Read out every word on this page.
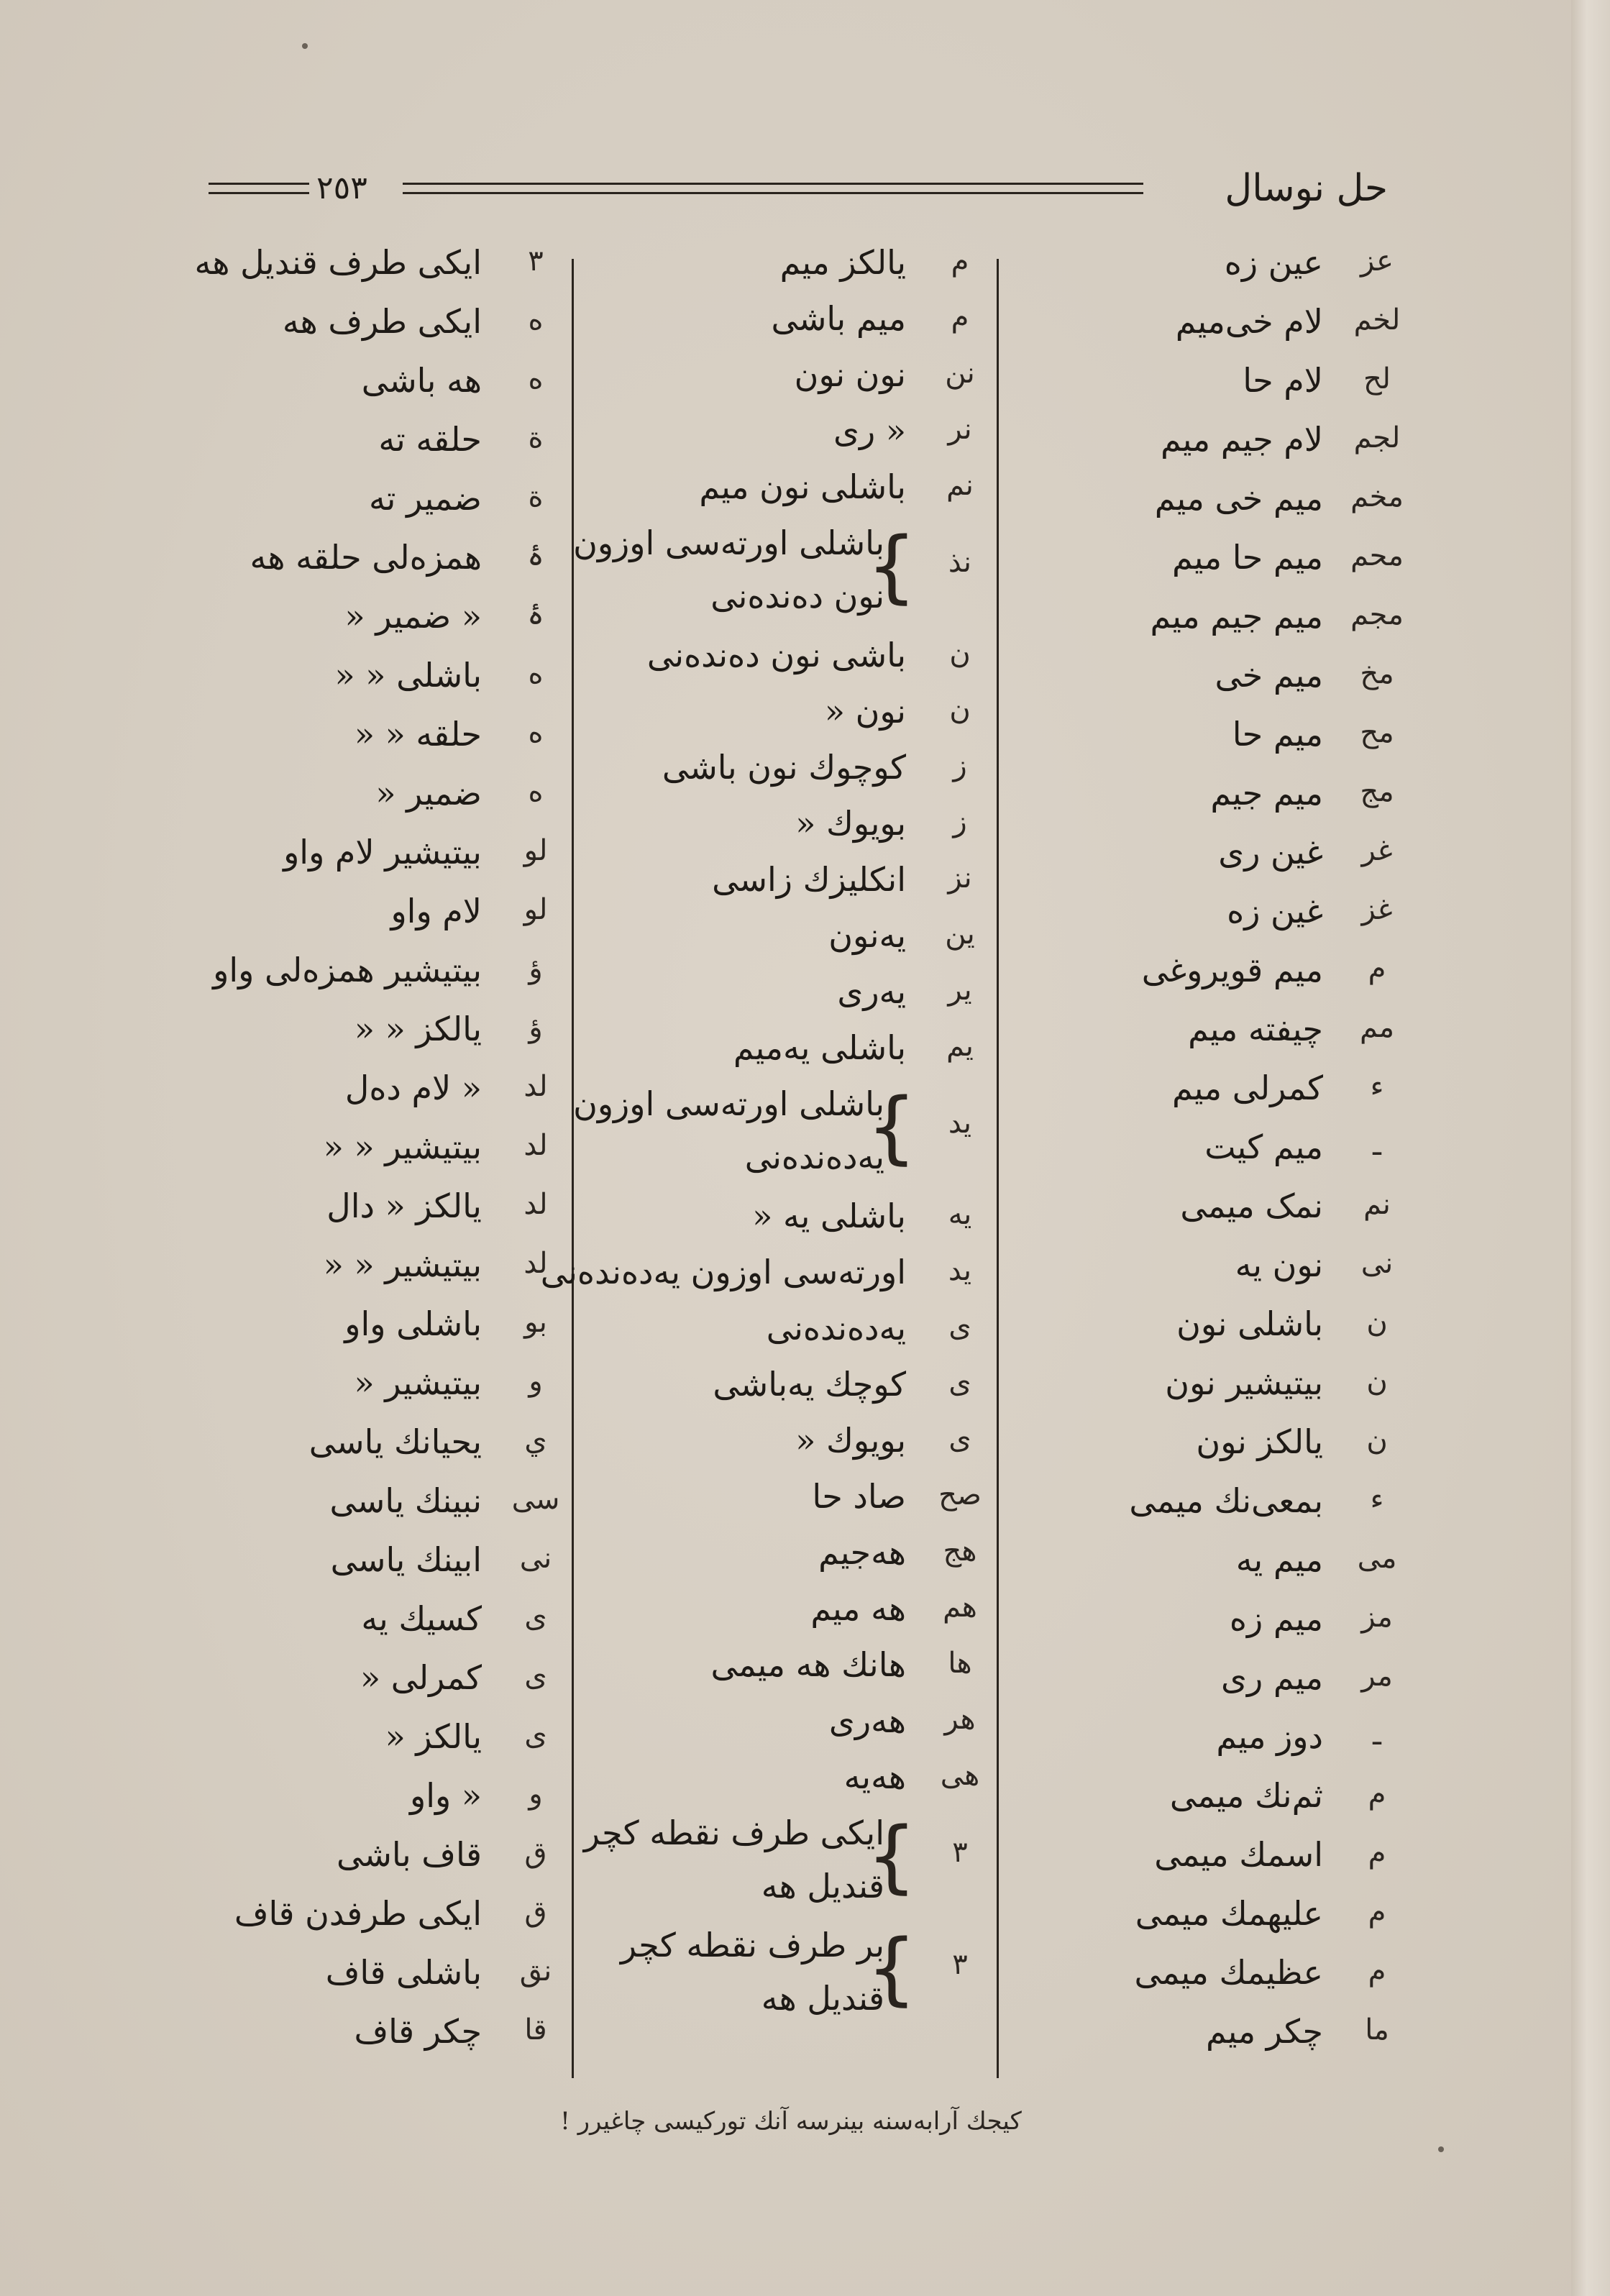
حل نوسال
۲٥۳
عز
عين زه
لخم
لام خی‌میم
لح
لام حا
لجم
لام جیم میم
مخم
میم خی میم
محم
میم حا میم
مجم
میم جیم میم
مخ
میم خی
مح
میم حا
مج
میم جیم
غر
غین ری
غز
غین زه
م
میم قویروغی
مم
چیفته میم
ء
کمرلی میم
ـ
میم کیت
نم
نمک میمی
نی
نون یه
ن
باشلی نون
ن
بیتیشیر نون
ن
یالکز نون
ء
بمعی‌نك میمی
می
میم یه
مز
میم زه
مر
میم ری
ـ
دوز میم
م
ثم‌نك میمی
م
اسمك میمی
م
علیهمك میمی
م
عظیمك میمی
ما
چکر میم
م
یالکز میم
م
میم باشی
نن
نون نون
نر
« ری
نم
باشلی نون میم
نذ
باشلی اورته‌سی اوزون
نون دەندەنی
{
ن
باشی نون دەندەنی
ن
نون «
ز
کوچوك نون باشی
ز
بویوك «
نز
انکلیزك زاسی
ین
یه‌نون
یر
یه‌ری
یم
باشلی یه‌میم
ید
باشلی اورته‌سی اوزون
یه‌دەندەنی
{
یه
باشلی یه «
ید
اورته‌سی اوزون یه‌دەندەنی
ی
یه‌دەندەنی
ی
کوچك یه‌باشی
ی
بویوك «
صح
صاد حا
هج
هه‌جیم
هم
هه میم
ها
هانك هه میمی
هر
هه‌ری
هی
هه‌یه
۳
ایکی طرف نقطه کچر
قندیل هه
{
۳
بر طرف نقطه کچر
قندیل هه
{
۳
ایکی طرف قندیل هه
ه
ایکی طرف هه
ه
هه باشی
ة
حلقه ته
ة
ضمیر ته
ۀ
همزه‌لی حلقه هه
ۀ
« ضمیر «
ه
باشلی « «
ه
حلقه « «
ه
ضمیر «
لو
بیتیشیر لام واو
لو
لام واو
ؤ
بیتیشیر همزه‌لی واو
ؤ
یالکز « «
لد
« لام دەل
لد
بیتیشیر « «
لد
یالکز « دال
لد
بیتیشیر « «
بو
باشلی واو
و
بیتیشیر «
ي
یحیانك یاسی
سی
نبینك یاسی
نی
ابینك یاسی
ی
کسیك یه
ی
کمرلی «
ی
یالکز «
و
« واو
ق
قاف باشی
ق
ایکی طرفدن قاف
نق
باشلی قاف
قا
چکر قاف
کیجك آرابەسنه بینرسه آنك تورکیسی چاغیرر !
